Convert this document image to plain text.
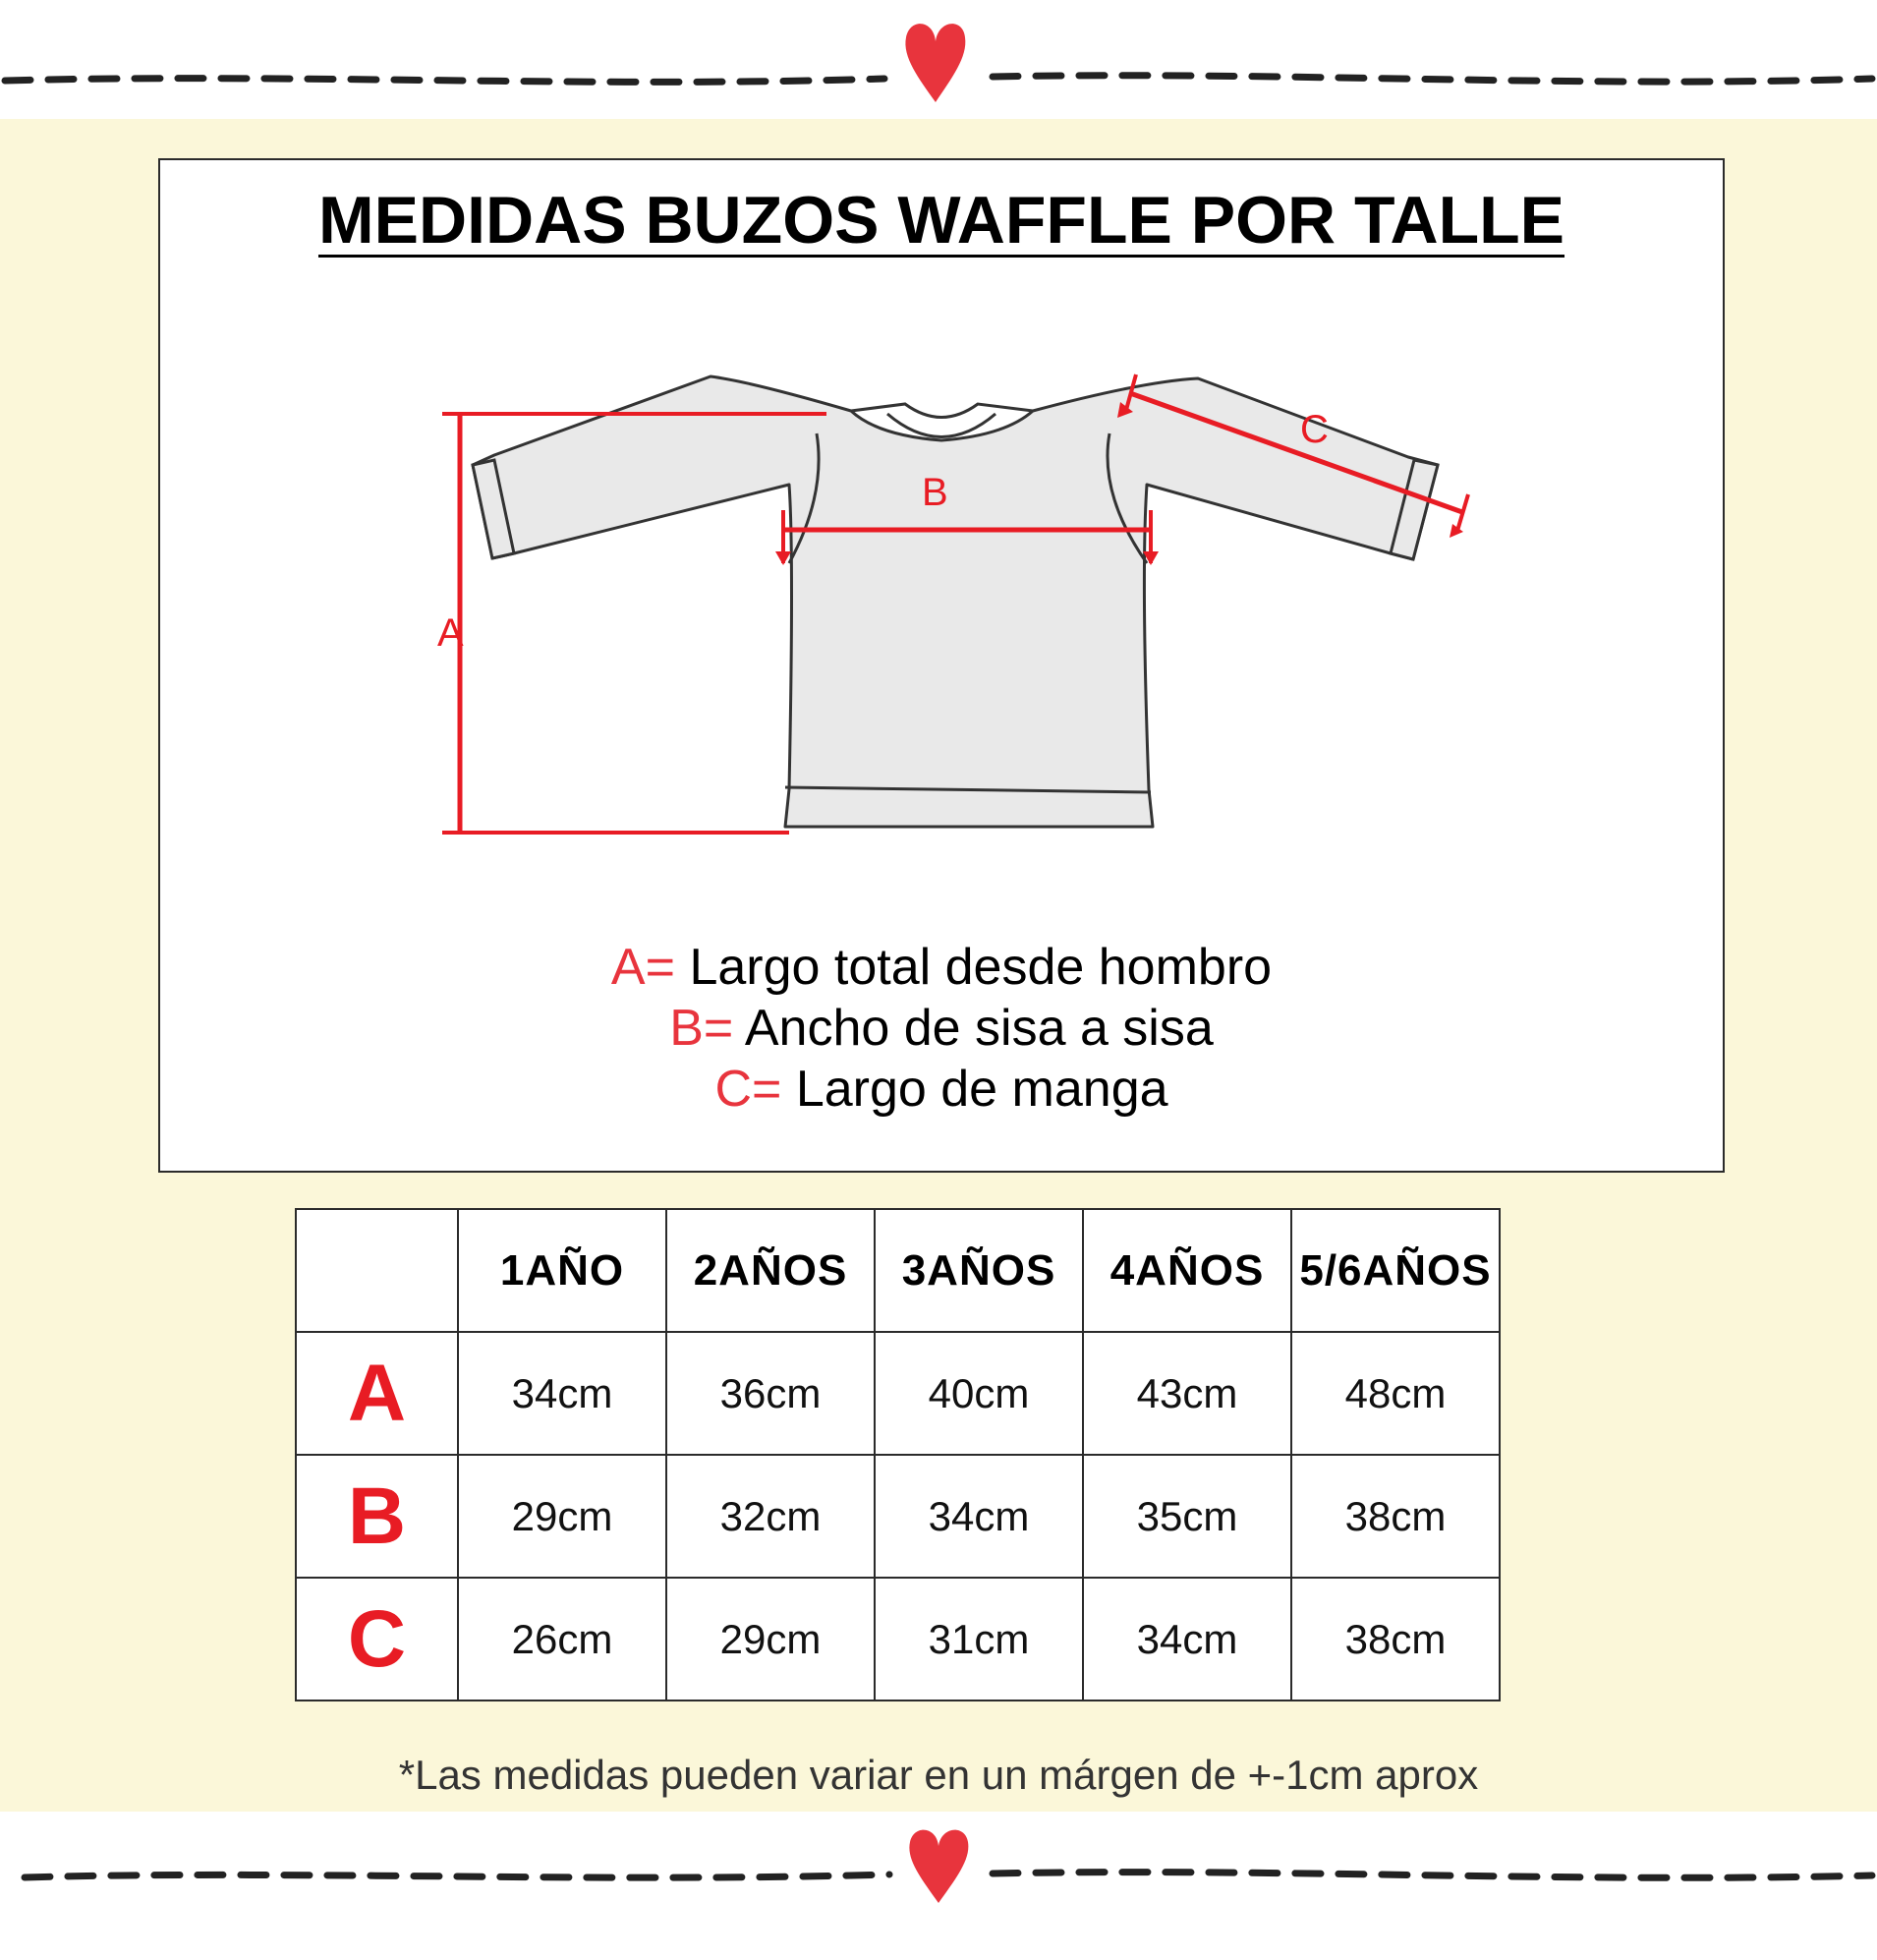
MEDIDAS BUZOS WAFFLE POR TALLE
A
B
C
A= Largo total desde hombro
B= Ancho de sisa a sisa
C= Largo de manga
	1AÑO	2AÑOS	3AÑOS	4AÑOS	5/6AÑOS
A	34cm	36cm	40cm	43cm	48cm
B	29cm	32cm	34cm	35cm	38cm
C	26cm	29cm	31cm	34cm	38cm
*Las medidas pueden variar en un márgen de +-1cm aprox
